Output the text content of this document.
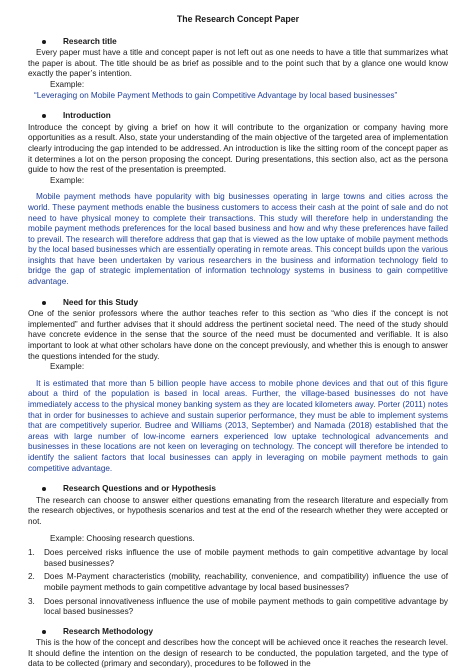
The Research Concept Paper
Research title

Every paper must have a title and concept paper is not left out as one needs to have a title that summarizes what the paper is about. The title should be as brief as possible and to the point such that by a glance one would know exactly the paper’s intention.

Example:

“Leveraging on Mobile Payment Methods to gain Competitive Advantage by local based businesses”

Introduction

Introduce the concept by giving a brief on how it will contribute to the organization or company having more opportunities as a result. Also, state your understanding of the main objective of the targeted area of implementation clearly introducing the gap intended to be addressed. An introduction is like the sitting room of the concept paper as it determines a lot on the person proposing the concept. During presentations, this section also, act as the persona guide to how the rest of the presentation is preempted.

Example:

Mobile payment methods have popularity with big businesses operating in large towns and cities across the world. These payment methods enable the business customers to access their cash at the point of sale and do not need to have physical money to complete their transactions. This study will therefore help in understanding the mobile payment methods preferences for the local based business and how and why these preferences have failed to prevail. The research will therefore address that gap that is viewed as the low uptake of mobile payment methods by the local based businesses which are essentially operating in remote areas. This concept builds upon the various insights that have been undertaken by various researchers in the business and information technology field to bridge the gap of strategic implementation of information technology systems in business to gain competitive advantage.

Need for this Study

One of the senior professors where the author teaches refer to this section as “who dies if the concept is not implemented” and further advises that it should address the pertinent societal need. The need of the study should have concrete evidence in the sense that the source of the need must be documented and verifiable. It is also important to look at what other scholars have done on the concept previously, and whether this is enough to answer the questions intended for the study.

Example:

It is estimated that more than 5 billion people have access to mobile phone devices and that out of this figure about a third of the population is based in local areas. Further, the village-based businesses do not have immediately access to the physical money banking system as they are located kilometers away. Porter (2011) notes that in order for businesses to achieve and sustain superior performance, they must be able to implement systems that are competitively superior. Budree and Williams (2013, September) and Namada (2018) established that the areas with large number of low-income earners experienced low uptake technological advancements and businesses in these locations are not keen on leveraging on technology. The concept will therefore be intended to identify the salient factors that local businesses can apply in leveraging on mobile payment methods to gain competitive advantage.

Research Questions and or Hypothesis

The research can choose to answer either questions emanating from the research literature and especially from the research objectives, or hypothesis scenarios and test at the end of the research whether they were accepted or not.

Example: Choosing research questions.

1.	Does perceived risks influence the use of mobile payment methods to gain competitive advantage by local based businesses?
2.	Does M-Payment characteristics (mobility, reachability, convenience, and compatibility) influence the use of mobile payment methods to gain competitive advantage by local based businesses?
3.	Does personal innovativeness influence the use of mobile payment methods to gain competitive advantage by local based businesses?
Research Methodology

This is the how of the concept and describes how the concept will be achieved once it reaches the research level. It should define the intention on the design of research to be conducted, the population targeted, and the type of data to be collected (primary and secondary), procedures to be followed in the
